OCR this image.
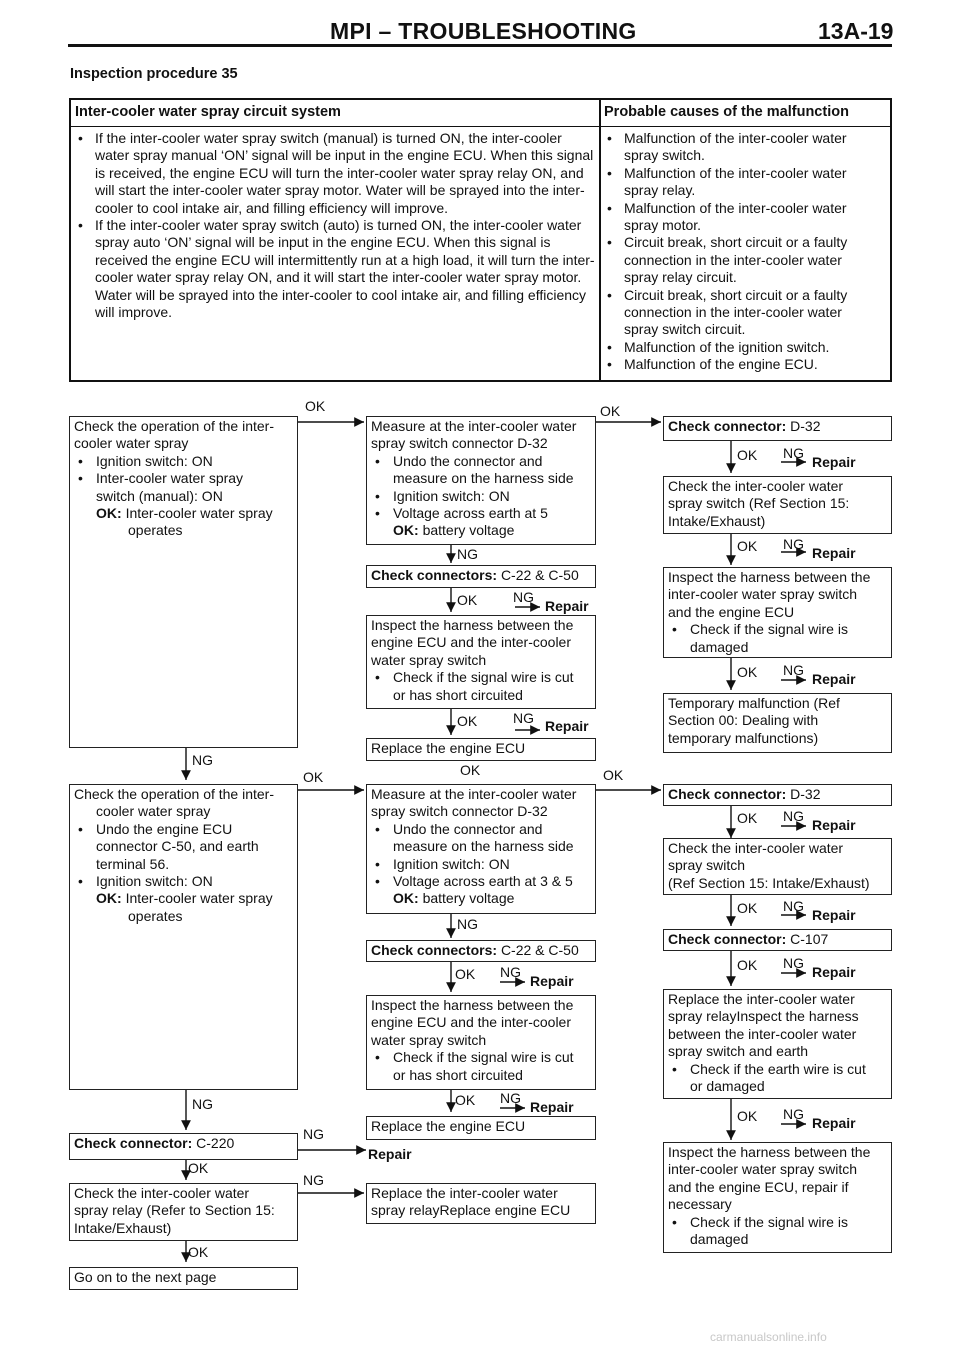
MPI – TROUBLESHOOTING	13A-19
Inspection procedure 35
Inter-cooler water spray circuit system	Probable causes of the malfunction
• If the inter-cooler water spray switch (manual) is turned ON, the inter-cooler water spray manual ‘ON’ signal will be input in the engine ECU. When this signal is received, the engine ECU will turn the inter-cooler water spray relay ON, and will start the inter-cooler water spray motor. Water will be sprayed into the inter-cooler to cool intake air, and filling efficiency will improve.
• If the inter-cooler water spray switch (auto) is turned ON, the inter-cooler water spray auto ‘ON’ signal will be input in the engine ECU. When this signal is received the engine ECU will intermittently run at a high load, it will turn the inter-cooler water spray relay ON, and it will start the inter-cooler water spray motor. Water will be sprayed into the inter-cooler to cool intake air, and filling efficiency will improve.
• Malfunction of the inter-cooler water spray switch.
• Malfunction of the inter-cooler water spray relay.
• Malfunction of the inter-cooler water spray motor.
• Circuit break, short circuit or a faulty connection in the inter-cooler water spray relay circuit.
• Circuit break, short circuit or a faulty connection in the inter-cooler water spray switch circuit.
• Malfunction of the ignition switch.
• Malfunction of the engine ECU.
Check the operation of the inter-
cooler water spray
• Ignition switch: ON
• Inter-cooler water spray
switch (manual): ON
OK: Inter-cooler water spray
operates
Measure at the inter-cooler water
spray switch connector D-32
• Undo the connector and
measure on the harness side
• Ignition switch: ON
• Voltage across earth at 5
OK: battery voltage
Check connector: D-32
Check the inter-cooler water
spray switch (Ref Section 15:
Intake/Exhaust)
Inspect the harness between the
inter-cooler water spray switch
and the engine ECU
• Check if the signal wire is
damaged
Temporary malfunction (Ref
Section 00: Dealing with
temporary malfunctions)
Check connectors: C-22 & C-50
Inspect the harness between the
engine ECU and the inter-cooler
water spray switch
• Check if the signal wire is cut
or has short circuited
Replace the engine ECU
Check the operation of the inter-
cooler water spray
• Undo the engine ECU
connector C-50, and earth
terminal 56.
• Ignition switch: ON
OK: Inter-cooler water spray
operates
Measure at the inter-cooler water
spray switch connector D-32
• Undo the connector and
measure on the harness side
• Ignition switch: ON
• Voltage across earth at 3 & 5
OK: battery voltage
Check connector: D-32
Check the inter-cooler water
spray switch
(Ref Section 15: Intake/Exhaust)
Check connector: C-107
Replace the inter-cooler water
spray relayInspect the harness
between the inter-cooler water
spray switch and earth
• Check if the earth wire is cut
or damaged
Inspect the harness between the
inter-cooler water spray switch
and the engine ECU, repair if
necessary
• Check if the signal wire is
damaged
Check connectors: C-22 & C-50
Inspect the harness between the
engine ECU and the inter-cooler
water spray switch
• Check if the signal wire is cut
or has short circuited
Replace the engine ECU
Check connector: C-220
Check the inter-cooler water
spray relay (Refer to Section 15:
Intake/Exhaust)
Replace the inter-cooler water
spray relayReplace engine ECU
Go on to the next page
OK	OK
OK NG
Repair
OK NG
Repair
OK NG
Repair
NG
OK	NG
Repair
OK	NG Repair
NG
OK
OK	OK
OK NG
Repair
OK NG
Repair
NG
OK NG
Repair
OK NG
Repair
OK NG
Repair
NG
OK NG
Repair
NG
Repair
OK
NG
OK
carmanualsonline.info
